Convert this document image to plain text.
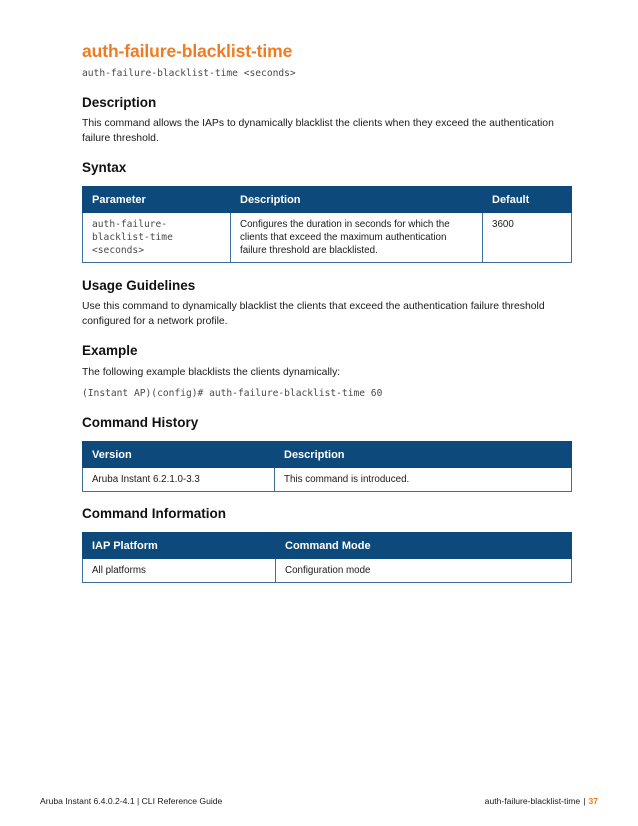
auth-failure-blacklist-time
auth-failure-blacklist-time <seconds>
Description

This command allows the IAPs to dynamically blacklist the clients when they exceed the authentication failure threshold.

Syntax
Parameter	Description	Default
auth-failure-blacklist-time <seconds>	Configures the duration in seconds for which the clients that exceed the maximum authentication failure threshold are blacklisted.	3600
Usage Guidelines

Use this command to dynamically blacklist the clients that exceed the authentication failure threshold configured for a network profile.

Example

The following example blacklists the clients dynamically:

(Instant AP)(config)# auth-failure-blacklist-time 60
Command History
Version	Description
Aruba Instant 6.2.1.0-3.3	This command is introduced.
Command Information
IAP Platform	Command Mode
All platforms	Configuration mode
Aruba Instant 6.4.0.2-4.1 | CLI Reference Guide	auth-failure-blacklist-time | 37
